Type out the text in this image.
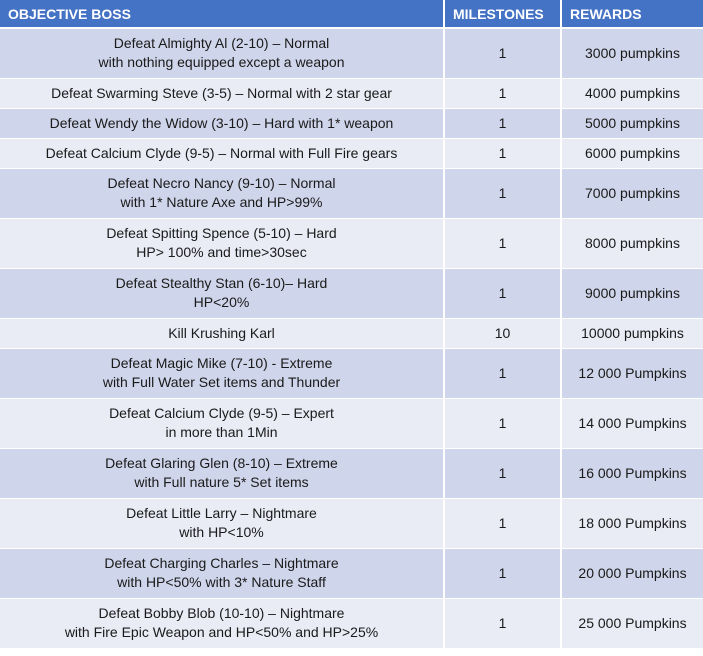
OBJECTIVE BOSS	MILESTONES	REWARDS

Defeat Almighty Al (2-10) – Normal
with nothing equipped except a weapon	1	3000 pumpkins

Defeat Swarming Steve (3-5) – Normal with 2 star gear	1	4000 pumpkins

Defeat Wendy the Widow (3-10) – Hard with 1* weapon	1	5000 pumpkins

Defeat Calcium Clyde (9-5) – Normal with Full Fire gears	1	6000 pumpkins

Defeat Necro Nancy (9-10) – Normal
with 1* Nature Axe and HP>99%	1	7000 pumpkins

Defeat Spitting Spence (5-10) – Hard
HP> 100% and time>30sec	1	8000 pumpkins

Defeat Stealthy Stan (6-10)– Hard
HP<20%	1	9000 pumpkins

Kill Krushing Karl	10	10000 pumpkins

Defeat Magic Mike (7-10) - Extreme
with Full Water Set items and Thunder	1	12 000 Pumpkins

Defeat Calcium Clyde (9-5) – Expert
in more than 1Min	1	14 000 Pumpkins

Defeat Glaring Glen (8-10) – Extreme
with Full nature 5* Set items	1	16 000 Pumpkins

Defeat Little Larry – Nightmare
with HP<10%	1	18 000 Pumpkins

Defeat Charging Charles – Nightmare
with HP<50% with 3* Nature Staff	1	20 000 Pumpkins

Defeat Bobby Blob (10-10) – Nightmare
with Fire Epic Weapon and HP<50% and HP>25%	1	25 000 Pumpkins
